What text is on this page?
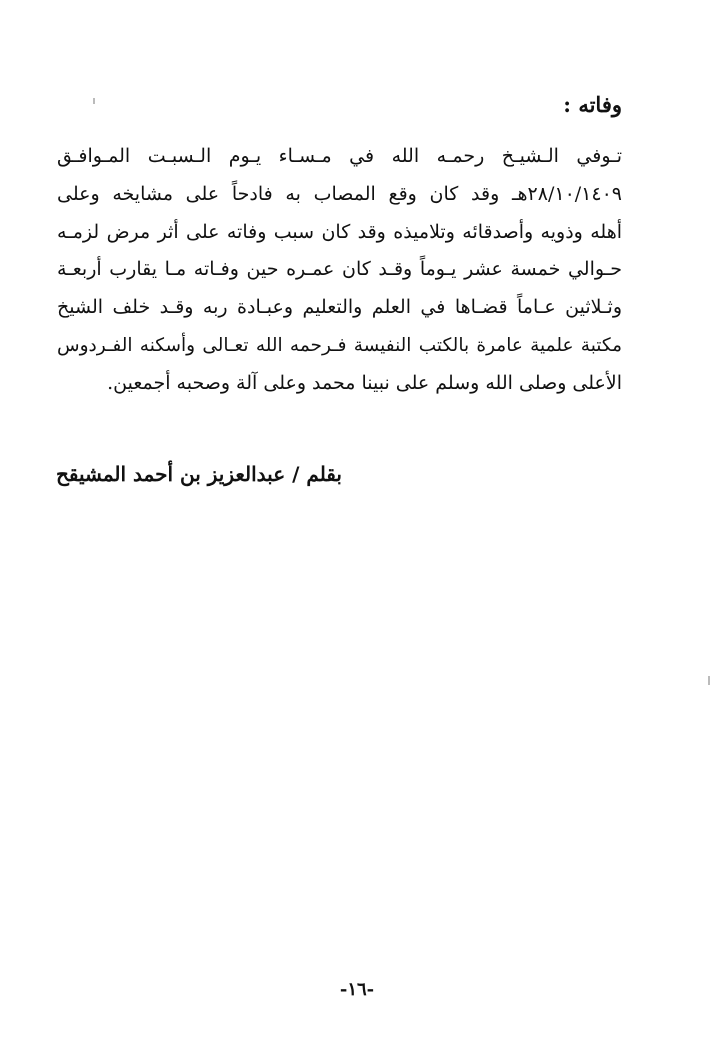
وفاته :
تـوفي الـشيـخ رحمـه الله في مـسـاء يـوم الـسبـت المـوافـق
٢٨/١٠/١٤٠٩هـ وقد كان وقع المصاب به فادحاً على مشايخه وعلى
أهله وذويه وأصدقائه وتلاميذه وقد كان سبب وفاته على أثر مرض لزمـه
حـوالي خمسة عشر يـوماً وقـد كان عمـره حين وفـاته مـا يقارب أربعـة
وثـلاثين عـاماً قضـاها في العلم والتعليم وعبـادة ربه وقـد خلف الشيخ
مكتبة علمية عامرة بالكتب النفيسة فـرحمه الله تعـالى وأسكنه الفـردوس
الأعلى وصلى الله وسلم على نبينا محمد وعلى آلة وصحبه أجمعين.

بقلم / عبدالعزيز بن أحمد المشيقح

-١٦-
